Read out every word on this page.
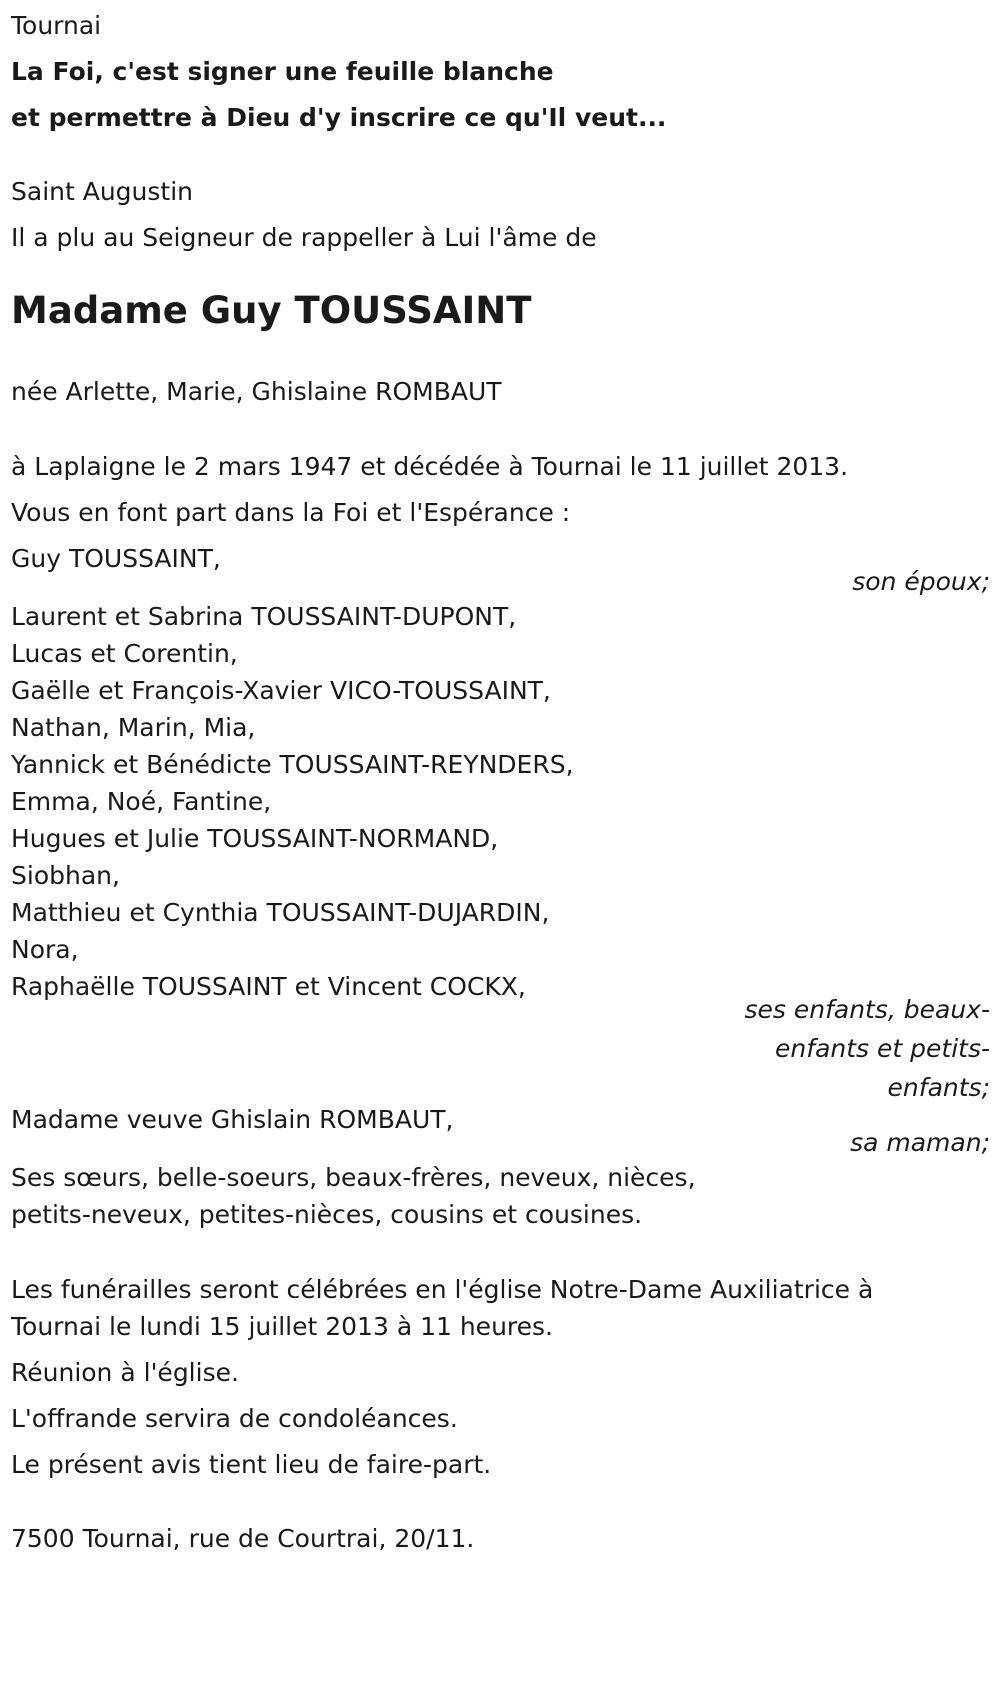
Tournai

La Foi, c'est signer une feuille blanche

et permettre à Dieu d'y inscrire ce qu'Il veut...

Saint Augustin

Il a plu au Seigneur de rappeller à Lui l'âme de

Madame Guy TOUSSAINT

née Arlette, Marie, Ghislaine ROMBAUT

à Laplaigne le 2 mars 1947 et décédée à Tournai le 11 juillet 2013.

Vous en font part dans la Foi et l'Espérance :

Guy TOUSSAINT,

son époux;

Laurent et Sabrina TOUSSAINT-DUPONT,

Lucas et Corentin,

Gaëlle et François-Xavier VICO-TOUSSAINT,

Nathan, Marin, Mia,

Yannick et Bénédicte TOUSSAINT-REYNDERS,

Emma, Noé, Fantine,

Hugues et Julie TOUSSAINT-NORMAND,

Siobhan,

Matthieu et Cynthia TOUSSAINT-DUJARDIN,

Nora,

Raphaëlle TOUSSAINT et Vincent COCKX,

ses enfants, beaux-enfants et petits-enfants;

Madame veuve Ghislain ROMBAUT,

sa maman;

Ses sœurs, belle-soeurs, beaux-frères, neveux, nièces,

petits-neveux, petites-nièces, cousins et cousines.

Les funérailles seront célébrées en l'église Notre-Dame Auxiliatrice à

Tournai le lundi 15 juillet 2013 à 11 heures.

Réunion à l'église.

L'offrande servira de condoléances.

Le présent avis tient lieu de faire-part.

7500 Tournai, rue de Courtrai, 20/11.
